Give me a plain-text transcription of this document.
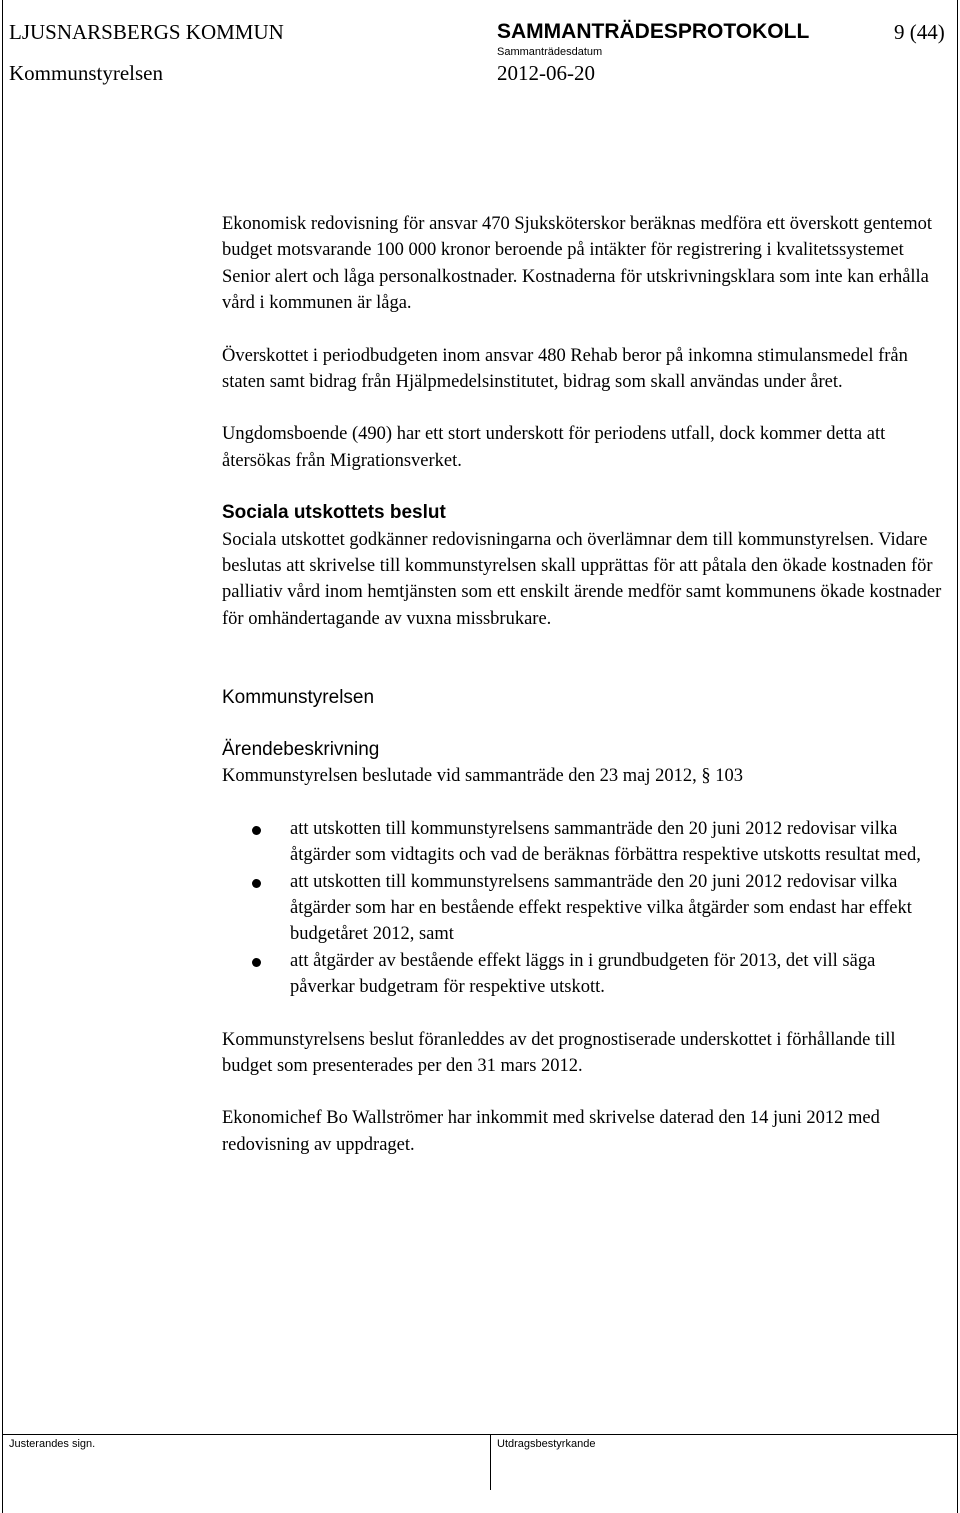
LJUSNARSBERGS KOMMUN	SAMMANTRÄDESPROTOKOLL	9 (44)
Kommunstyrelsen
Sammanträdesdatum
2012-06-20

Ekonomisk redovisning för ansvar 470 Sjuksköterskor beräknas medföra ett överskott gentemot budget motsvarande 100 000 kronor beroende på intäkter för registrering i kvalitetssystemet Senior alert och låga personalkostnader. Kostnaderna för utskrivningsklara som inte kan erhålla vård i kommunen är låga.

Överskottet i periodbudgeten inom ansvar 480 Rehab beror på inkomna stimulansmedel från staten samt bidrag från Hjälpmedelsinstitutet, bidrag som skall användas under året.

Ungdomsboende (490) har ett stort underskott för periodens utfall, dock kommer detta att återsökas från Migrationsverket.

Sociala utskottets beslut

Sociala utskottet godkänner redovisningarna och överlämnar dem till kommunstyrelsen. Vidare beslutas att skrivelse till kommunstyrelsen skall upprättas för att påtala den ökade kostnaden för palliativ vård inom hemtjänsten som ett enskilt ärende medför samt kommunens ökade kostnader för omhändertagande av vuxna missbrukare.

Kommunstyrelsen

Ärendebeskrivning

Kommunstyrelsen beslutade vid sammanträde den 23 maj 2012, § 103

att utskotten till kommunstyrelsens sammanträde den 20 juni 2012 redovisar vilka åtgärder som vidtagits och vad de beräknas förbättra respektive utskotts resultat med,
att utskotten till kommunstyrelsens sammanträde den 20 juni 2012 redovisar vilka åtgärder som har en bestående effekt respektive vilka åtgärder som endast har effekt budgetåret 2012, samt
att åtgärder av bestående effekt läggs in i grundbudgeten för 2013, det vill säga påverkar budgetram för respektive utskott.

Kommunstyrelsens beslut föranleddes av det prognostiserade underskottet i förhållande till budget som presenterades per den 31 mars 2012.

Ekonomichef Bo Wallströmer har inkommit med skrivelse daterad den 14 juni 2012 med redovisning av uppdraget.

Justerandes sign.	Utdragsbestyrkande
